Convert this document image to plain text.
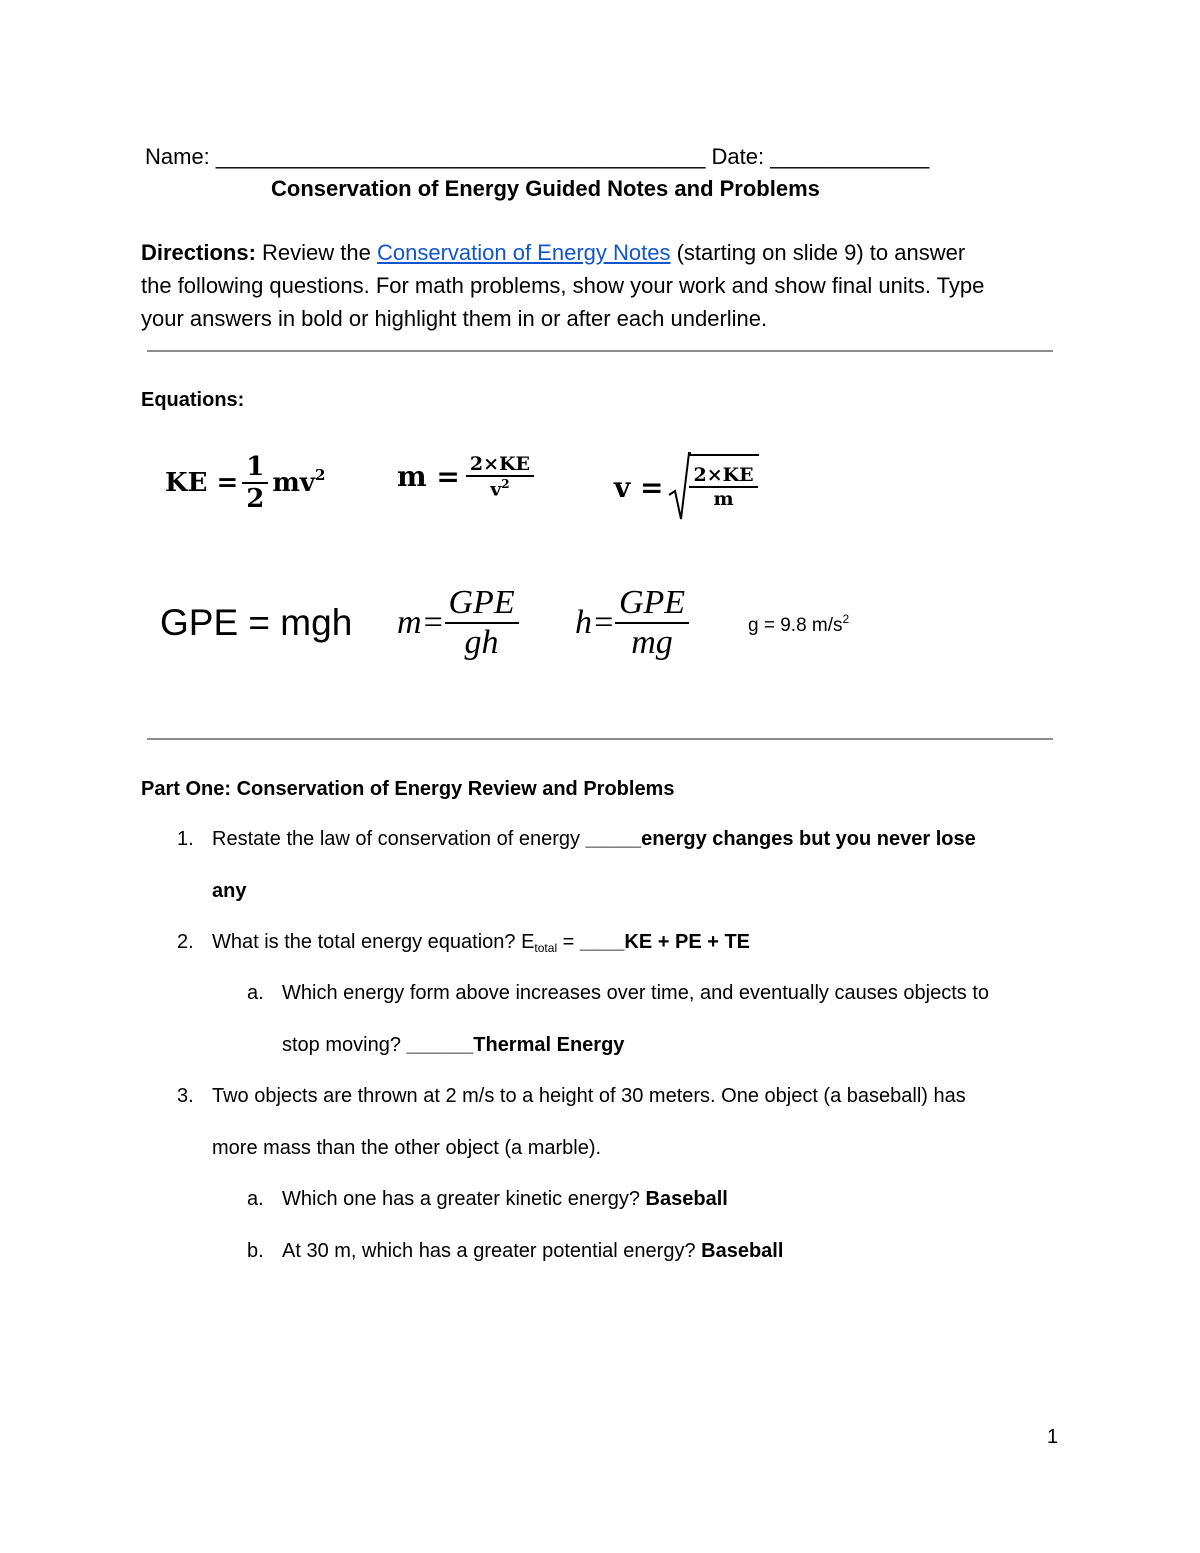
Name: ________________________________________ Date: _____________
Conservation of Energy Guided Notes and Problems
Directions: Review the Conservation of Energy Notes (starting on slide 9) to answer
the following questions. For math problems, show your work and show final units. Type
your answers in bold or highlight them in or after each underline.
Equations:
KE = $\frac{1}{2} mv^2$	$m = \frac{2\times KE}{v^2}$	$v = \frac{2\times KE}{m}$
GPE = mgh $m= \frac{\text{GPE}}{gh} h= \frac{\text{GPE}}{mg}$	g = 9.8 $m/s^2$
Part One: Conservation of Energy Review and Problems
1. Restate the law of conservation of energy _____energy changes but you never lose
any
2. What is the total energy equation? $E_{total}$ = ____KE + PE + TE
a. Which energy form above increases over time, and eventually causes objects to
stop moving? ______Thermal Energy
3. Two objects are thrown at 2 m/s to a height of 30 meters. One object (a baseball) has
more mass than the other object (a marble).
a. Which one has a greater kinetic energy? Baseball
b. At 30 m, which has a greater potential energy? Baseball
1
